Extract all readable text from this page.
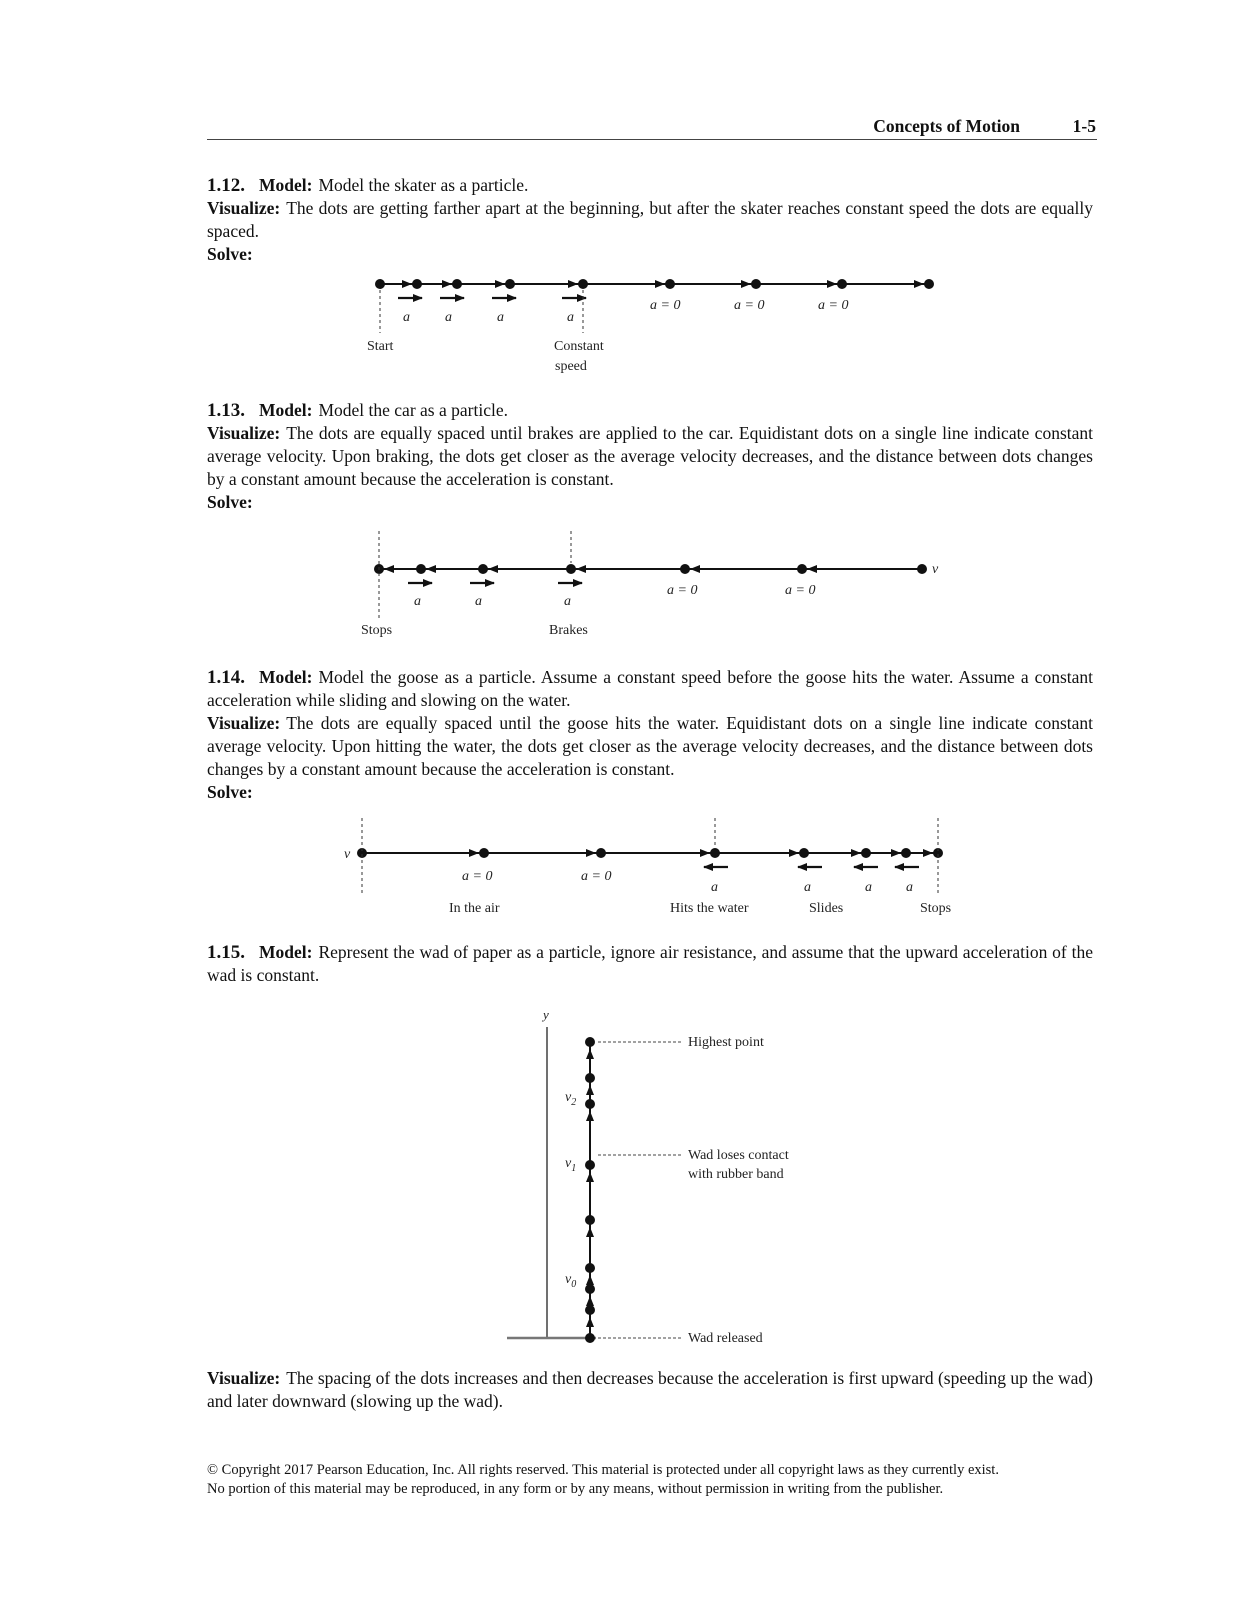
Concepts of Motion	1-5
1.12. Model: Model the skater as a particle.
Visualize: The dots are getting farther apart at the beginning, but after the skater reaches constant speed the dots are equally spaced.
Solve:
a	a	a	a
a = 0	a = 0	a = 0
Start	Constant
speed
a	a	a
a = 0	a = 0
v
Stops	Brakes
v
a = 0	a = 0
a	a	a a
In the air	Hits the water	Slides	Stops
y
$v_2$
$v_1$
$v_0$
Highest point
Wad loses contact
with rubber band
Wad released
1.13. Model: Model the car as a particle.
Visualize: The dots are equally spaced until brakes are applied to the car. Equidistant dots on a single line indicate constant average velocity. Upon braking, the dots get closer as the average velocity decreases, and the distance between dots changes by a constant amount because the acceleration is constant.
Solve:
1.14. Model: Model the goose as a particle. Assume a constant speed before the goose hits the water. Assume a constant acceleration while sliding and slowing on the water.
Visualize: The dots are equally spaced until the goose hits the water. Equidistant dots on a single line indicate constant average velocity. Upon hitting the water, the dots get closer as the average velocity decreases, and the distance between dots changes by a constant amount because the acceleration is constant.
Solve:
1.15. Model: Represent the wad of paper as a particle, ignore air resistance, and assume that the upward acceleration of the wad is constant.
Visualize: The spacing of the dots increases and then decreases because the acceleration is first upward (speeding up the wad) and later downward (slowing up the wad).
© Copyright 2017 Pearson Education, Inc. All rights reserved. This material is protected under all copyright laws as they currently exist.
No portion of this material may be reproduced, in any form or by any means, without permission in writing from the publisher.
